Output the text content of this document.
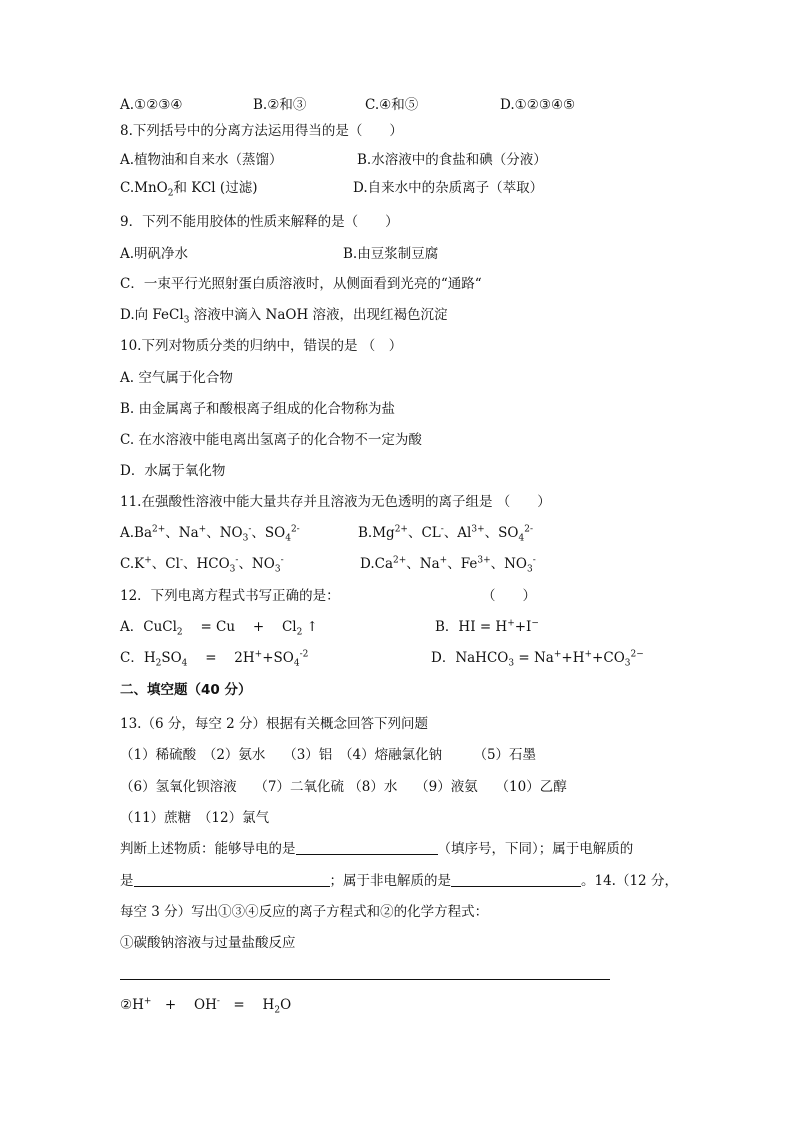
A.①②③④	B.②和③	C.④和⑤	D.①②③④⑤
8.下列括号中的分离方法运用得当的是（　　）
A.植物油和自来水（蒸馏）	B.水溶液中的食盐和碘（分液）
C.MnO$_2$和 KCl (过滤)	D.自来水中的杂质离子（萃取）
9．下列不能用胶体的性质来解释的是（　　）
A.明矾净水	B.由豆浆制豆腐
C．一束平行光照射蛋白质溶液时，从侧面看到光亮的“通路“
D.向 FeCl$_3$ 溶液中滴入 NaOH 溶液，出现红褐色沉淀
10.下列对物质分类的归纳中，错误的是 （　）
A. 空气属于化合物
B. 由金属离子和酸根离子组成的化合物称为盐
C. 在水溶液中能电离出氢离子的化合物不一定为酸
D．水属于氧化物
11.在强酸性溶液中能大量共存并且溶液为无色透明的离子组是 （　　）
$A.Ba^{2+}$、Na+、$NO_3^-$、$SO_4^{2-}$	$B.Mg^{2+}$、CL-、$Al^{3+}$、$SO_4^{2-}$
C.K+、Cl-、$HCO_3^-$、$NO_3^-$	$D.Ca^{2+}$、Na+、$Fe^{3+}$、$NO_3^-$
12．下列电离方程式书写正确的是：	（　　）
A．CuCl$_2$　 = Cu　 +　 $Cl_2$ ↑	B．HI = H++I−
C．$H_2SO_4$　 =　 $2H^++SO_4^{-2}$	D．NaHCO$_3$ = $Na^++H^++CO_3^{2-}$
二、填空题（40 分）
13.（6 分，每空 2 分）根据有关概念回答下列问题
（1）稀硫酸　（2）氨水　 （3）铝　（4）熔融氯化钠　　 （5）石墨
（6）氢氧化钡溶液　 （7）二氧化硫 （8）水　 （9）液氨　 （10）乙醇
（11）蔗糖　（12）氯气
判断上述物质：能够导电的是	（填序号，下同）；属于电解质的
是	；属于非电解质的是	。14.（12 分，
每空 3 分）写出①③④反应的离子方程式和②的化学方程式：
①碳酸钠溶液与过量盐酸反应
②H+　+　 OH-　=　 $H_2O$
